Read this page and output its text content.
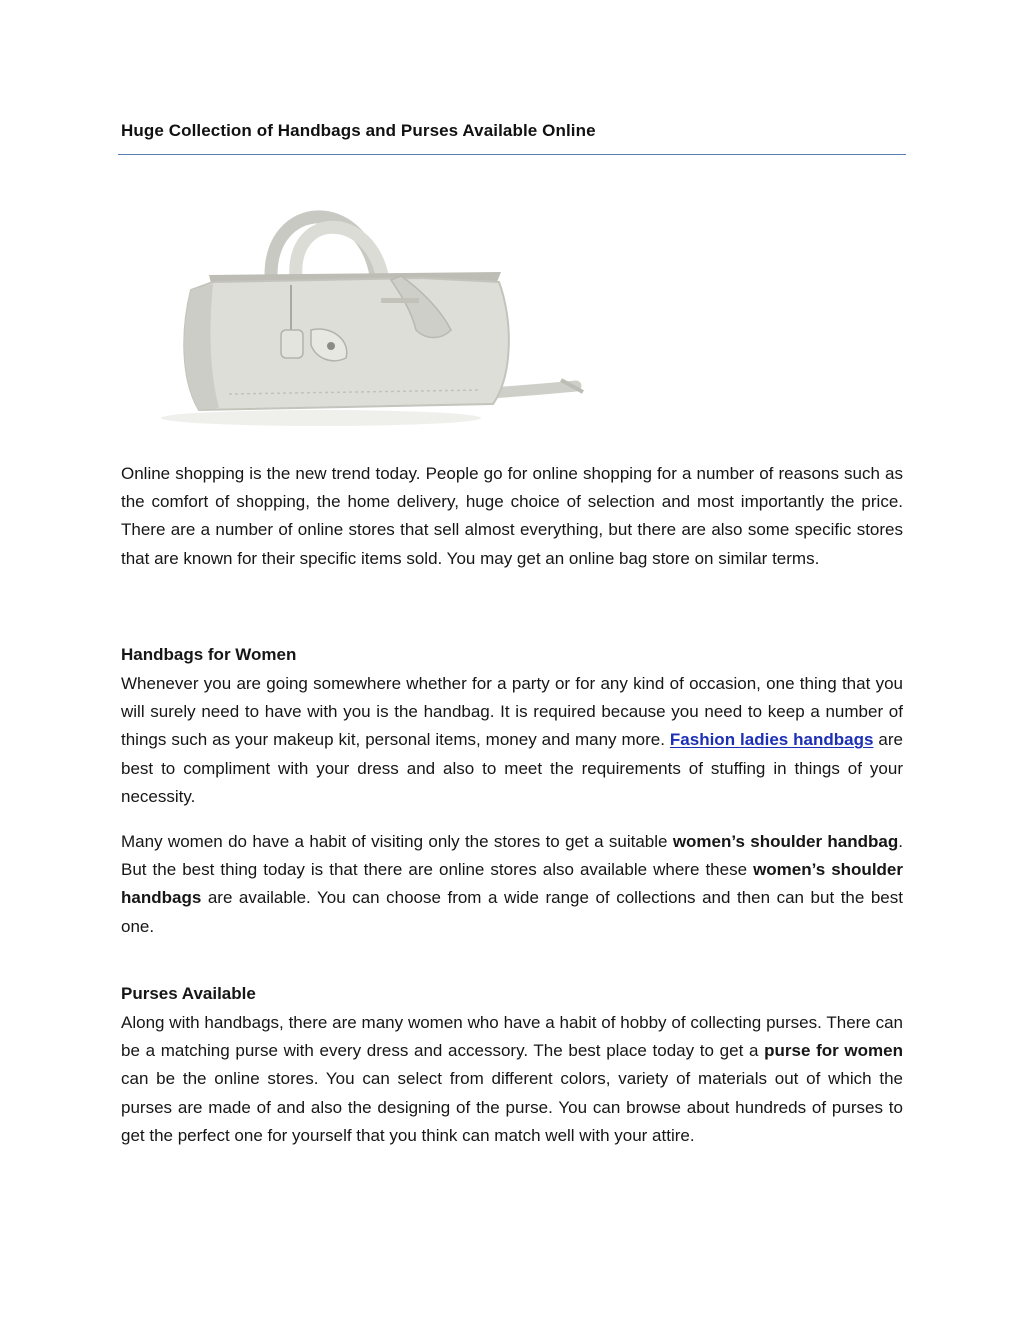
Huge Collection of Handbags and Purses Available Online
Online shopping is the new trend today. People go for online shopping for a number of reasons such as the comfort of shopping, the home delivery, huge choice of selection and most importantly the price. There are a number of online stores that sell almost everything, but there are also some specific stores that are known for their specific items sold. You may get an online bag store on similar terms.
Handbags for Women
Whenever you are going somewhere whether for a party or for any kind of occasion, one thing that you will surely need to have with you is the handbag. It is required because you need to keep a number of things such as your makeup kit, personal items, money and many more. Fashion ladies handbags are best to compliment with your dress and also to meet the requirements of stuffing in things of your necessity.
Many women do have a habit of visiting only the stores to get a suitable women’s shoulder handbag. But the best thing today is that there are online stores also available where these women’s shoulder handbags are available. You can choose from a wide range of collections and then can but the best one.
Purses Available
Along with handbags, there are many women who have a habit of hobby of collecting purses. There can be a matching purse with every dress and accessory. The best place today to get a purse for women can be the online stores. You can select from different colors, variety of materials out of which the purses are made of and also the designing of the purse. You can browse about hundreds of purses to get the perfect one for yourself that you think can match well with your attire.
